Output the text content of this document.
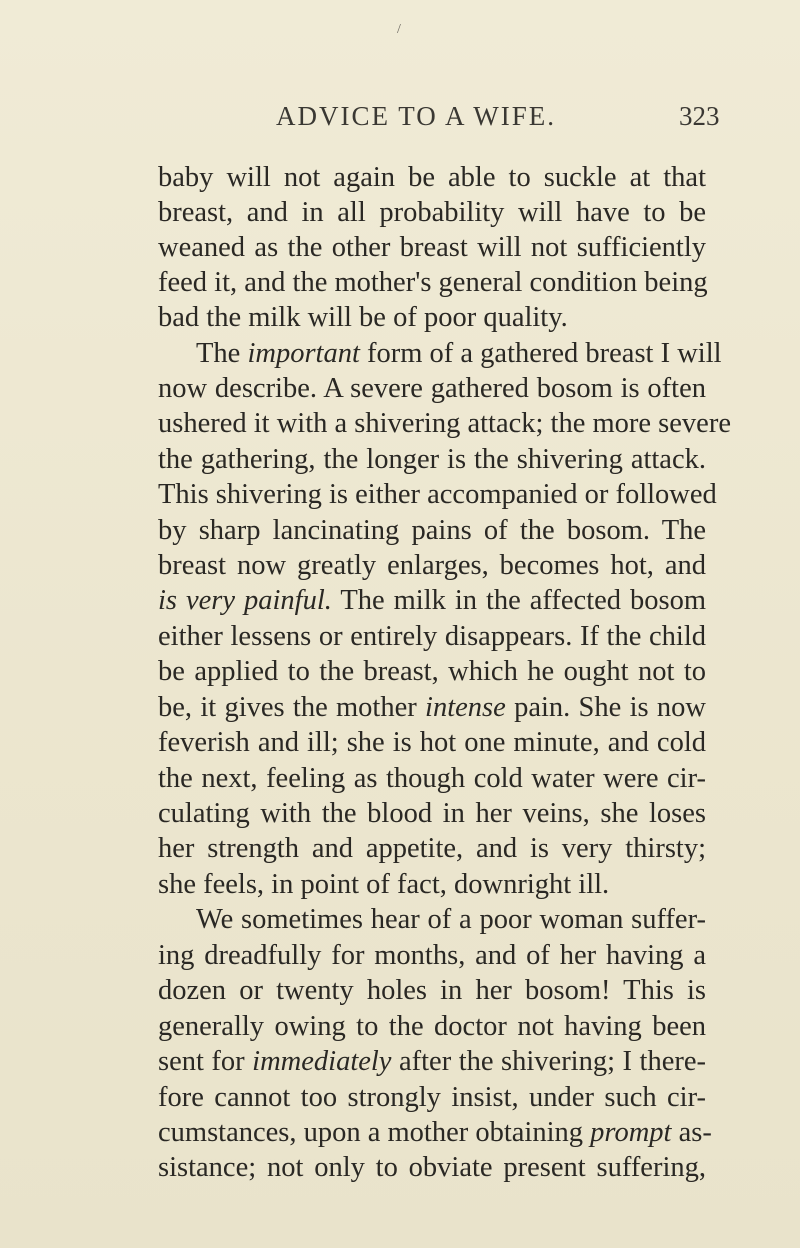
/
ADVICE TO A WIFE.	323
baby will not again be able to suckle at that
breast, and in all probability will have to be
weaned as the other breast will not sufficiently
feed it, and the mother's general condition being
bad the milk will be of poor quality.
The important form of a gathered breast I will
now describe. A severe gathered bosom is often
ushered it with a shivering attack; the more severe
the gathering, the longer is the shivering attack.
This shivering is either accompanied or followed
by sharp lancinating pains of the bosom. The
breast now greatly enlarges, becomes hot, and
is very painful. The milk in the affected bosom
either lessens or entirely disappears. If the child
be applied to the breast, which he ought not to
be, it gives the mother intense pain. She is now
feverish and ill; she is hot one minute, and cold
the next, feeling as though cold water were cir-
culating with the blood in her veins, she loses
her strength and appetite, and is very thirsty;
she feels, in point of fact, downright ill.
We sometimes hear of a poor woman suffer-
ing dreadfully for months, and of her having a
dozen or twenty holes in her bosom! This is
generally owing to the doctor not having been
sent for immediately after the shivering; I there-
fore cannot too strongly insist, under such cir-
cumstances, upon a mother obtaining prompt as-
sistance; not only to obviate present suffering,
